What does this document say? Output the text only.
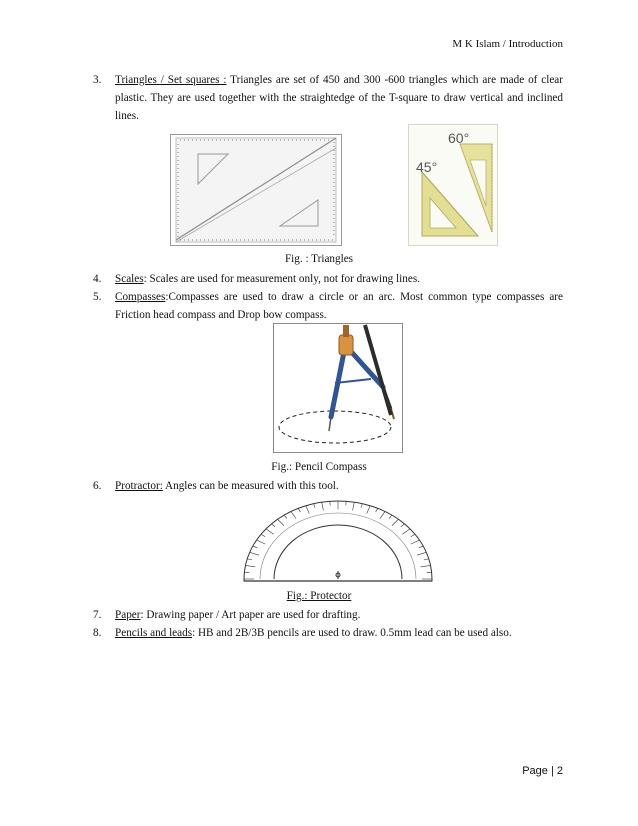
M K Islam / Introduction
3. Triangles / Set squares : Triangles are set of 450 and 300 -600 triangles which are made of clear plastic. They are used together with the straightedge of the T-square to draw vertical and inclined lines.
60°
45°
Fig. : Triangles
4. Scales: Scales are used for measurement only, not for drawing lines.
5. Compasses:Compasses are used to draw a circle or an arc. Most common type compasses are Friction head compass and Drop bow compass.
Fig.: Pencil Compass
6. Protractor: Angles can be measured with this tool.
Fig.: Protector
7. Paper: Drawing paper / Art paper are used for drafting.
8. Pencils and leads: HB and 2B/3B pencils are used to draw. 0.5mm lead can be used also.
Page | 2
